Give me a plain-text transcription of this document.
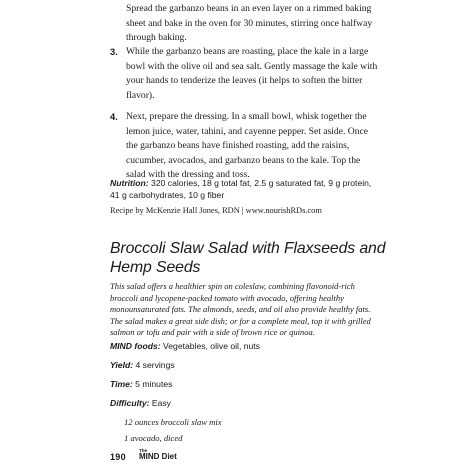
Spread the garbanzo beans in an even layer on a rimmed baking sheet and bake in the oven for 30 minutes, stirring once halfway through baking.
3. While the garbanzo beans are roasting, place the kale in a large bowl with the olive oil and sea salt. Gently massage the kale with your hands to tenderize the leaves (it helps to soften the bitter flavor).
4. Next, prepare the dressing. In a small bowl, whisk together the lemon juice, water, tahini, and cayenne pepper. Set aside. Once the garbanzo beans have finished roasting, add the raisins, cucumber, avocados, and garbanzo beans to the kale. Top the salad with the dressing and toss.
Nutrition: 320 calories, 18 g total fat, 2.5 g saturated fat, 9 g protein, 41 g carbohydrates, 10 g fiber
Recipe by McKenzie Hall Jones, RDN | www.nourishRDs.com
Broccoli Slaw Salad with Flaxseeds and Hemp Seeds
This salad offers a healthier spin on coleslaw, combining flavonoid-rich broccoli and lycopene-packed tomato with avocado, offering healthy monounsaturated fats. The almonds, seeds, and oil also provide healthy fats. The salad makes a great side dish; or for a complete meal, top it with grilled salmon or tofu and pair with a side of brown rice or quinoa.
MIND foods: Vegetables, olive oil, nuts
Yield: 4 servings
Time: 5 minutes
Difficulty: Easy
12 ounces broccoli slaw mix
1 avocado, diced
190
The
MIND Diet
